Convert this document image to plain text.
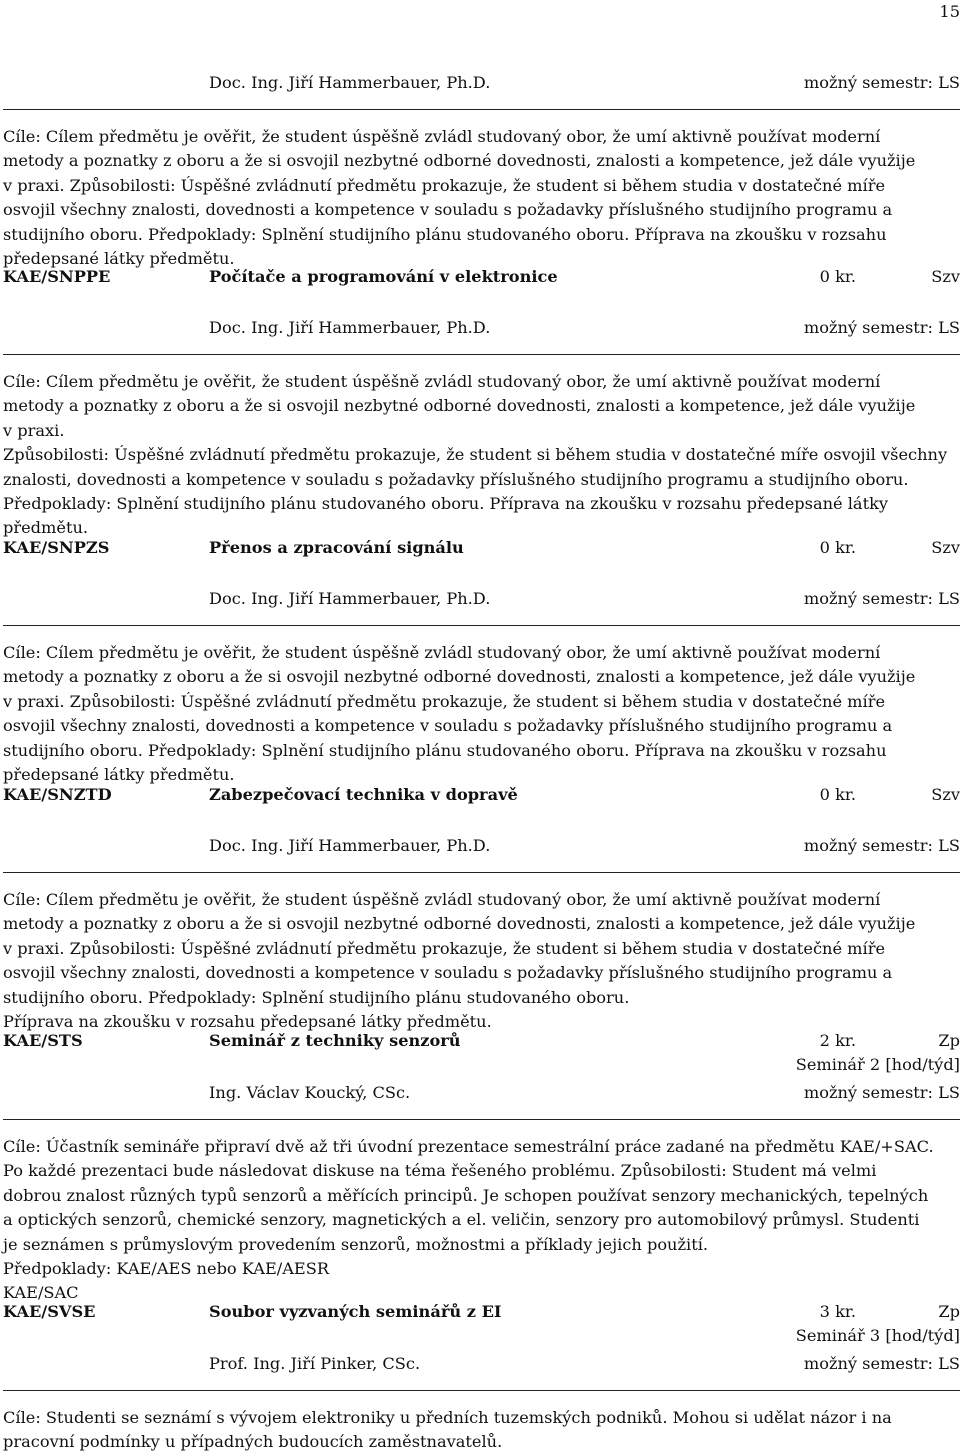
15
Doc. Ing. Jiří Hammerbauer, Ph.D.	možný semestr: LS
Cíle: Cílem předmětu je ověřit, že student úspěšně zvládl studovaný obor, že umí aktivně používat moderní
metody a poznatky z oboru a že si osvojil nezbytné odborné dovednosti, znalosti a kompetence, jež dále využije
v praxi. Způsobilosti: Úspěšné zvládnutí předmětu prokazuje, že student si během studia v dostatečné míře
osvojil všechny znalosti, dovednosti a kompetence v souladu s požadavky příslušného studijního programu a
studijního oboru. Předpoklady: Splnění studijního plánu studovaného oboru. Příprava na zkoušku v rozsahu
předepsané látky předmětu.
KAE/SNPPE	Počítače a programování v elektronice	0 kr.	Szv
Doc. Ing. Jiří Hammerbauer, Ph.D.	možný semestr: LS
Cíle: Cílem předmětu je ověřit, že student úspěšně zvládl studovaný obor, že umí aktivně používat moderní
metody a poznatky z oboru a že si osvojil nezbytné odborné dovednosti, znalosti a kompetence, jež dále využije
v praxi.
Způsobilosti: Úspěšné zvládnutí předmětu prokazuje, že student si během studia v dostatečné míře osvojil všechny
znalosti, dovednosti a kompetence v souladu s požadavky příslušného studijního programu a studijního oboru.
Předpoklady: Splnění studijního plánu studovaného oboru. Příprava na zkoušku v rozsahu předepsané látky
předmětu.
KAE/SNPZS	Přenos a zpracování signálu	0 kr.	Szv
Doc. Ing. Jiří Hammerbauer, Ph.D.	možný semestr: LS
Cíle: Cílem předmětu je ověřit, že student úspěšně zvládl studovaný obor, že umí aktivně používat moderní
metody a poznatky z oboru a že si osvojil nezbytné odborné dovednosti, znalosti a kompetence, jež dále využije
v praxi. Způsobilosti: Úspěšné zvládnutí předmětu prokazuje, že student si během studia v dostatečné míře
osvojil všechny znalosti, dovednosti a kompetence v souladu s požadavky příslušného studijního programu a
studijního oboru. Předpoklady: Splnění studijního plánu studovaného oboru. Příprava na zkoušku v rozsahu
předepsané látky předmětu.
KAE/SNZTD	Zabezpečovací technika v dopravě	0 kr.	Szv
Doc. Ing. Jiří Hammerbauer, Ph.D.	možný semestr: LS
Cíle: Cílem předmětu je ověřit, že student úspěšně zvládl studovaný obor, že umí aktivně používat moderní
metody a poznatky z oboru a že si osvojil nezbytné odborné dovednosti, znalosti a kompetence, jež dále využije
v praxi. Způsobilosti: Úspěšné zvládnutí předmětu prokazuje, že student si během studia v dostatečné míře
osvojil všechny znalosti, dovednosti a kompetence v souladu s požadavky příslušného studijního programu a
studijního oboru. Předpoklady: Splnění studijního plánu studovaného oboru.
Příprava na zkoušku v rozsahu předepsané látky předmětu.
KAE/STS	Seminář z techniky senzorů	2 kr.	Zp
Seminář 2 [hod/týd]
Ing. Václav Koucký, CSc.	možný semestr: LS
Cíle: Účastník semináře připraví dvě až tři úvodní prezentace semestrální práce zadané na předmětu KAE/+SAC.
Po každé prezentaci bude následovat diskuse na téma řešeného problému. Způsobilosti: Student má velmi
dobrou znalost různých typů senzorů a měřících principů. Je schopen používat senzory mechanických, tepelných
a optických senzorů, chemické senzory, magnetických a el. veličin, senzory pro automobilový průmysl. Studenti
je seznámen s průmyslovým provedením senzorů, možnostmi a příklady jejich použití.
Předpoklady: KAE/AES nebo KAE/AESR
KAE/SAC
KAE/SVSE	Soubor vyzvaných seminářů z EI	3 kr.	Zp
Seminář 3 [hod/týd]
Prof. Ing. Jiří Pinker, CSc.	možný semestr: LS
Cíle: Studenti se seznámí s vývojem elektroniky u předních tuzemských podniků. Mohou si udělat názor i na
pracovní podmínky u případných budoucích zaměstnavatelů.
